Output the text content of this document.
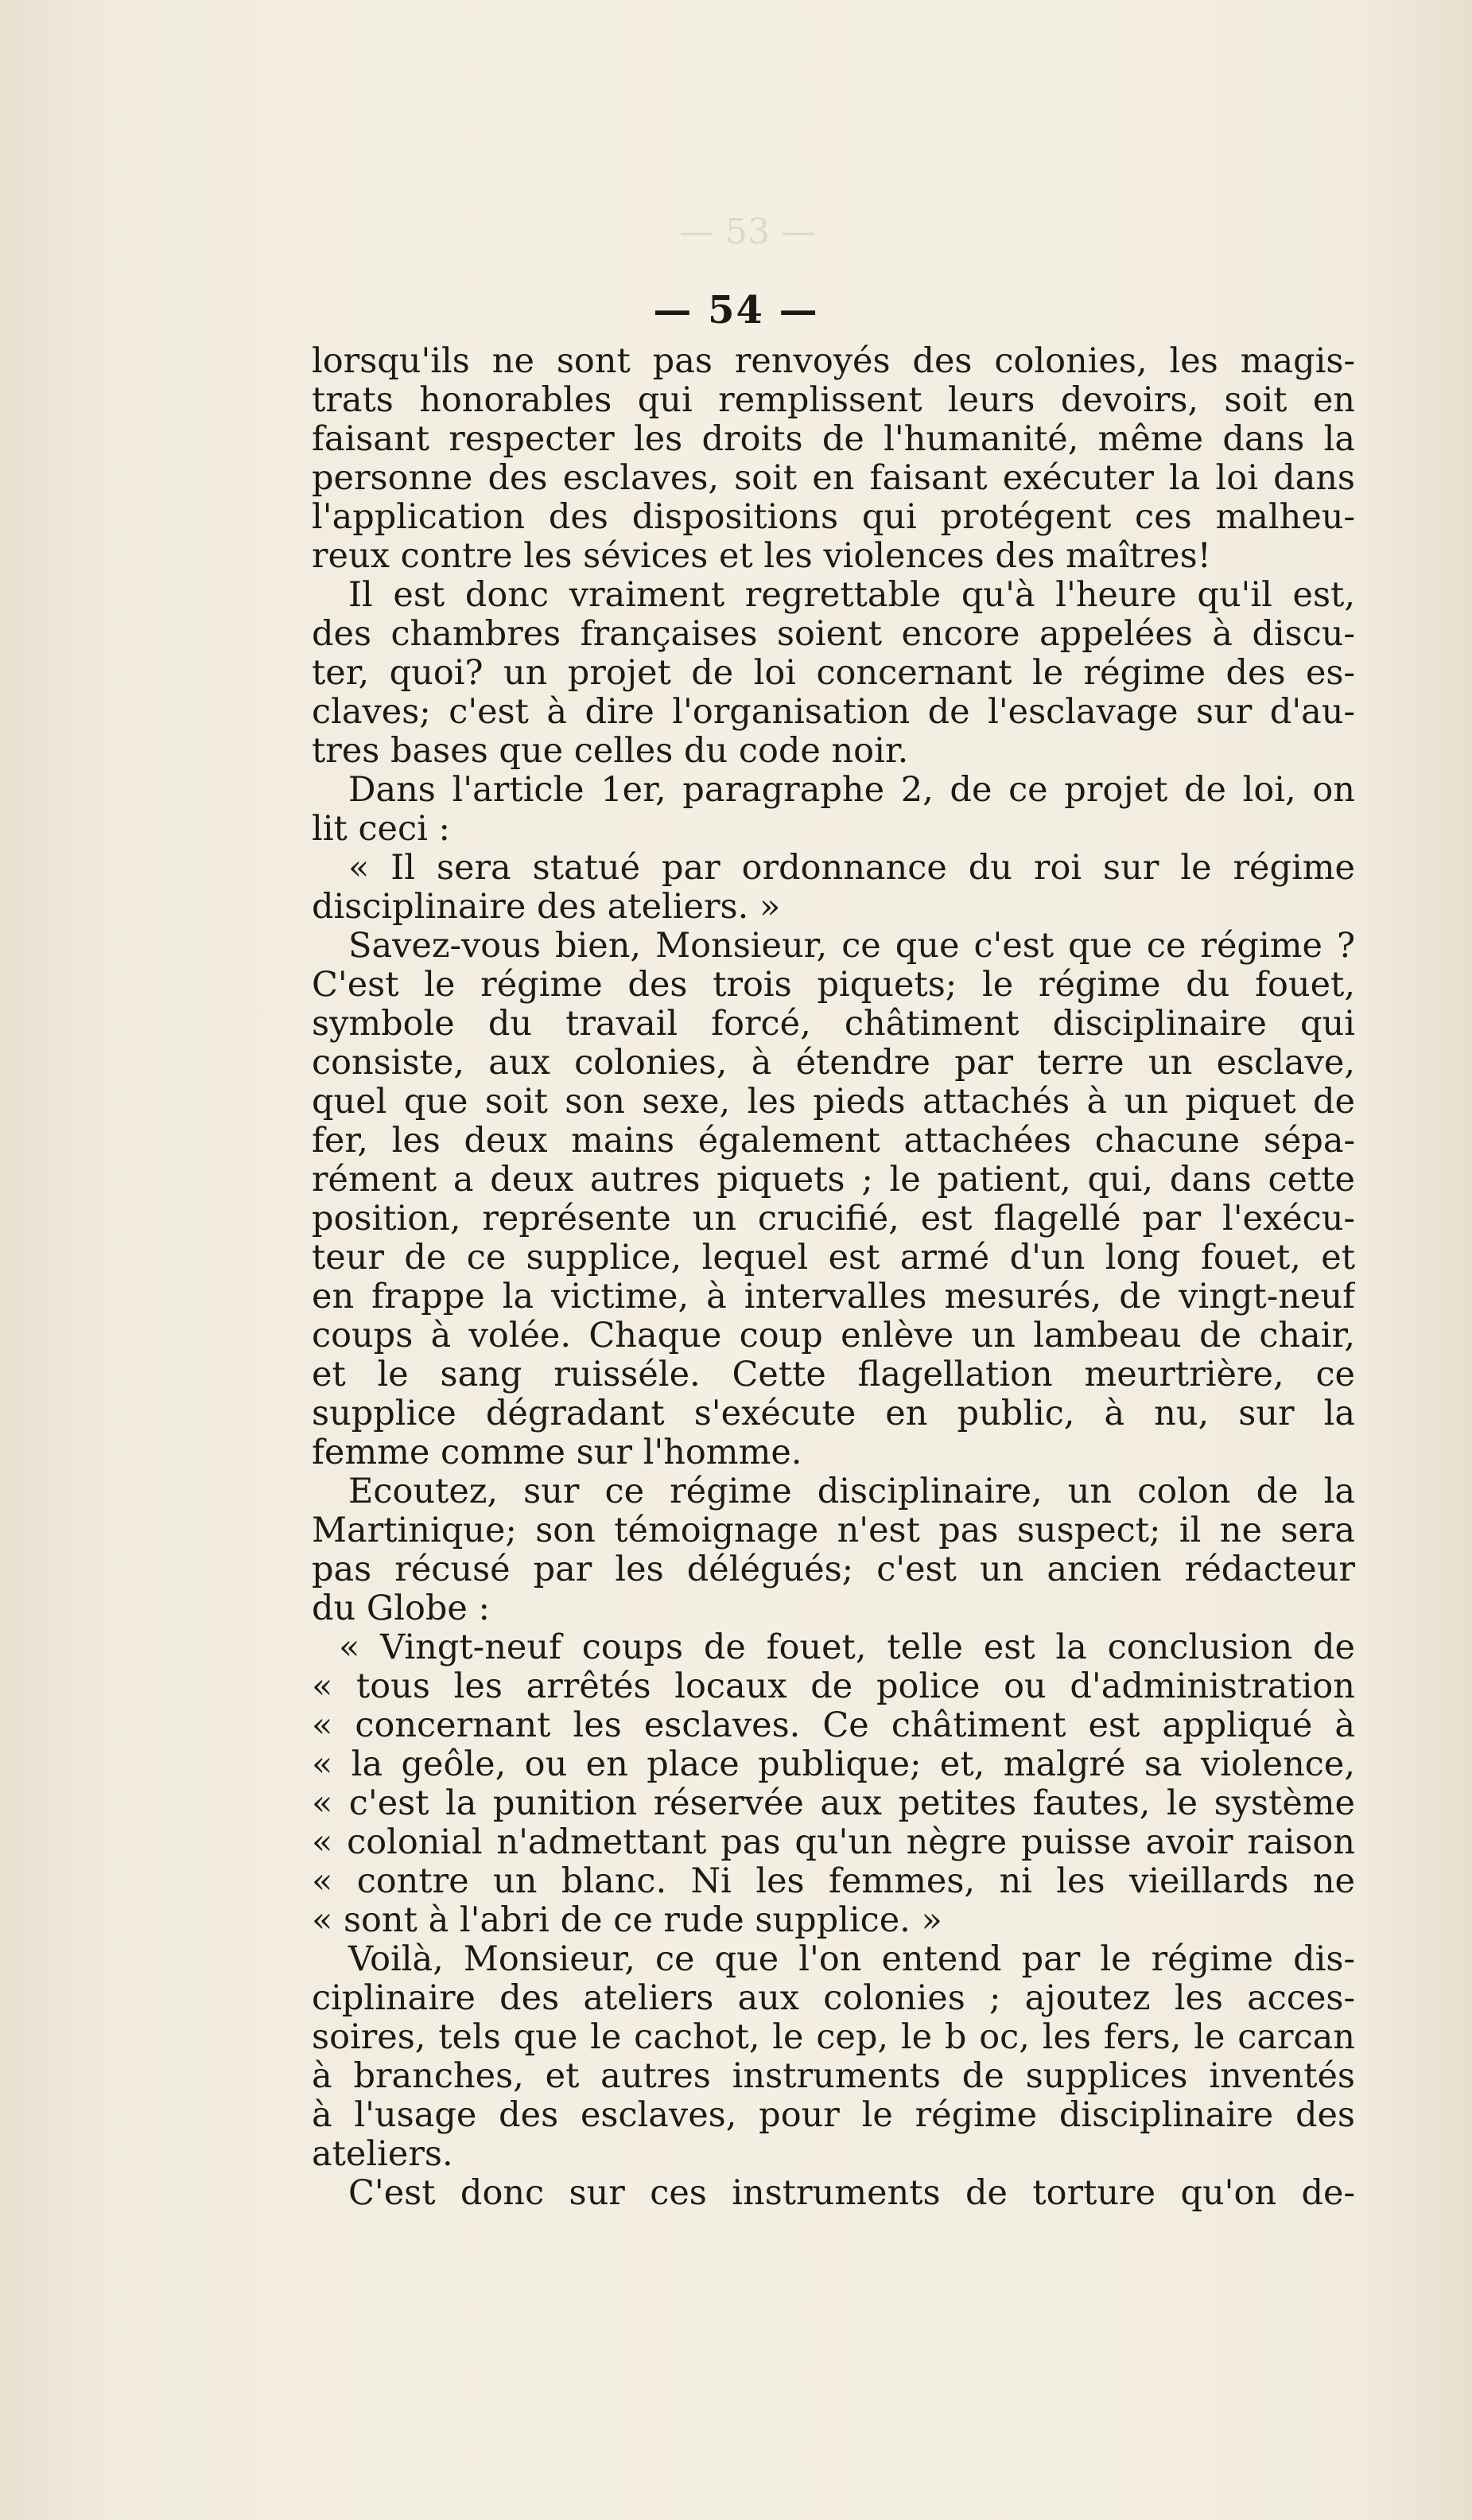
— 53 —
— 54 —
lorsqu'ils ne sont pas renvoyés des colonies, les magis-
trats honorables qui remplissent leurs devoirs, soit en
faisant respecter les droits de l'humanité, même dans la
personne des esclaves, soit en faisant exécuter la loi dans
l'application des dispositions qui protégent ces malheu-
reux contre les sévices et les violences des maîtres!
Il est donc vraiment regrettable qu'à l'heure qu'il est,
des chambres françaises soient encore appelées à discu-
ter, quoi? un projet de loi concernant le régime des es-
claves; c'est à dire l'organisation de l'esclavage sur d'au-
tres bases que celles du code noir.
Dans l'article 1er, paragraphe 2, de ce projet de loi, on
lit ceci :
« Il sera statué par ordonnance du roi sur le régime
disciplinaire des ateliers. »
Savez-vous bien, Monsieur, ce que c'est que ce régime ?
C'est le régime des trois piquets; le régime du fouet,
symbole du travail forcé, châtiment disciplinaire qui
consiste, aux colonies, à étendre par terre un esclave,
quel que soit son sexe, les pieds attachés à un piquet de
fer, les deux mains également attachées chacune sépa-
rément a deux autres piquets ; le patient, qui, dans cette
position, représente un crucifié, est flagellé par l'exécu-
teur de ce supplice, lequel est armé d'un long fouet, et
en frappe la victime, à intervalles mesurés, de vingt-neuf
coups à volée. Chaque coup enlève un lambeau de chair,
et le sang ruisséle. Cette flagellation meurtrière, ce
supplice dégradant s'exécute en public, à nu, sur la
femme comme sur l'homme.
Ecoutez, sur ce régime disciplinaire, un colon de la
Martinique; son témoignage n'est pas suspect; il ne sera
pas récusé par les délégués; c'est un ancien rédacteur
du Globe :
« Vingt-neuf coups de fouet, telle est la conclusion de
« tous les arrêtés locaux de police ou d'administration
« concernant les esclaves. Ce châtiment est appliqué à
« la geôle, ou en place publique; et, malgré sa violence,
« c'est la punition réservée aux petites fautes, le système
« colonial n'admettant pas qu'un nègre puisse avoir raison
« contre un blanc. Ni les femmes, ni les vieillards ne
« sont à l'abri de ce rude supplice. »
Voilà, Monsieur, ce que l'on entend par le régime dis-
ciplinaire des ateliers aux colonies ; ajoutez les acces-
soires, tels que le cachot, le cep, le b oc, les fers, le carcan
à branches, et autres instruments de supplices inventés
à l'usage des esclaves, pour le régime disciplinaire des
ateliers.
C'est donc sur ces instruments de torture qu'on de-
